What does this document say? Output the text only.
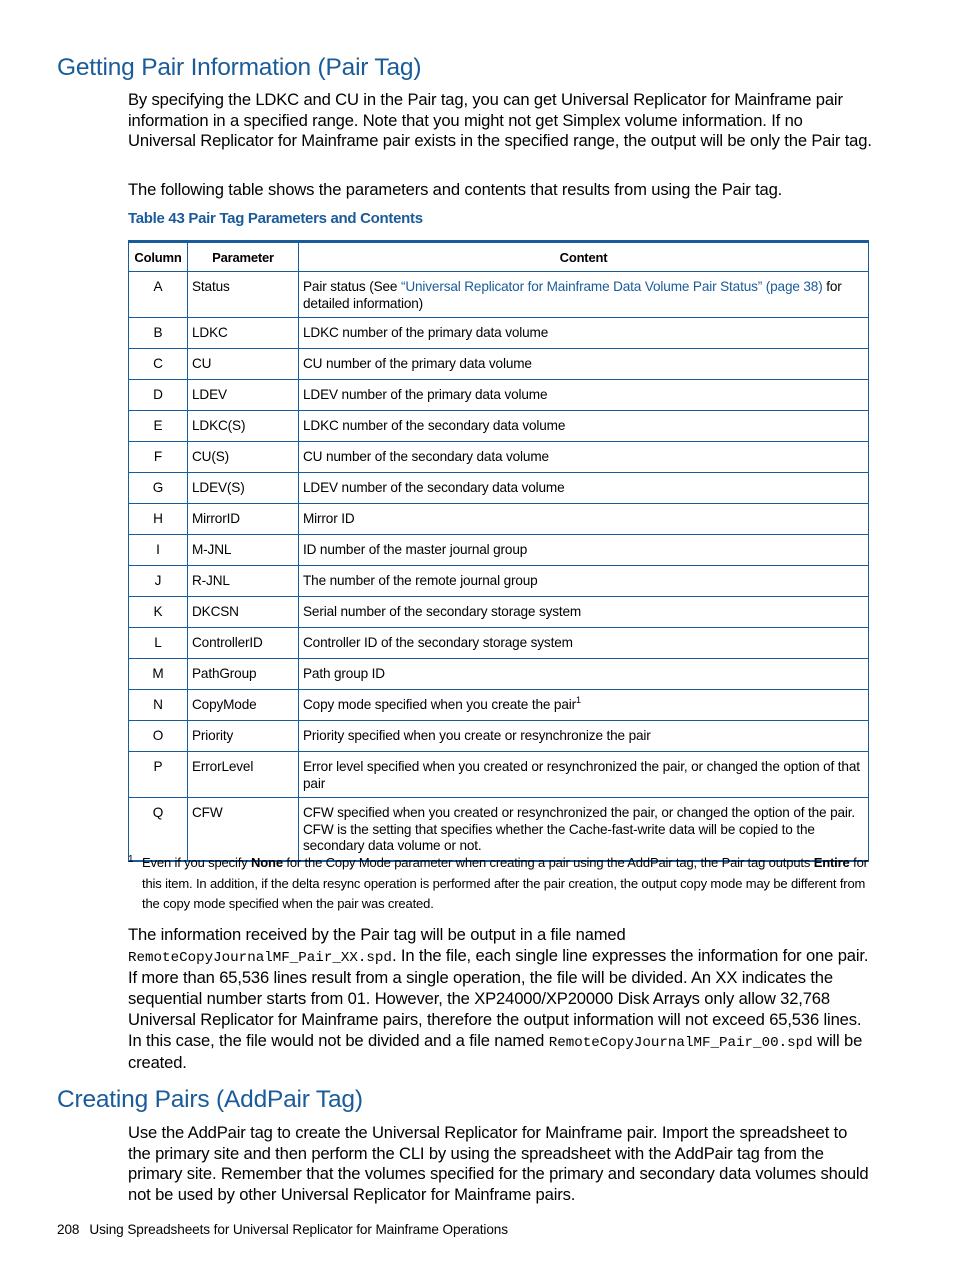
Getting Pair Information (Pair Tag)

By specifying the LDKC and CU in the Pair tag, you can get Universal Replicator for Mainframe pair information in a specified range. Note that you might not get Simplex volume information. If no Universal Replicator for Mainframe pair exists in the specified range, the output will be only the Pair tag.

The following table shows the parameters and contents that results from using the Pair tag.

Table 43 Pair Tag Parameters and Contents
Column	Parameter	Content
A	Status	Pair status (See “Universal Replicator for Mainframe Data Volume Pair Status” (page 38) for detailed information)
B	LDKC	LDKC number of the primary data volume
C	CU	CU number of the primary data volume
D	LDEV	LDEV number of the primary data volume
E	LDKC(S)	LDKC number of the secondary data volume
F	CU(S)	CU number of the secondary data volume
G	LDEV(S)	LDEV number of the secondary data volume
H	MirrorID	Mirror ID
I	M-JNL	ID number of the master journal group
J	R-JNL	The number of the remote journal group
K	DKCSN	Serial number of the secondary storage system
L	ControllerID	Controller ID of the secondary storage system
M	PathGroup	Path group ID
N	CopyMode	Copy mode specified when you create the pair$^1$
O	Priority	Priority specified when you create or resynchronize the pair
P	ErrorLevel	Error level specified when you created or resynchronized the pair, or changed the option of that pair
Q	CFW	CFW specified when you created or resynchronized the pair, or changed the option of the pair. CFW is the setting that specifies whether the Cache-fast-write data will be copied to the secondary data volume or not.
1 Even if you specify None for the Copy Mode parameter when creating a pair using the AddPair tag, the Pair tag outputs Entire for this item. In addition, if the delta resync operation is performed after the pair creation, the output copy mode may be different from the copy mode specified when the pair was created.

The information received by the Pair tag will be output in a file named RemoteCopyJournalMF_Pair_XX.spd. In the file, each single line expresses the information for one pair. If more than 65,536 lines result from a single operation, the file will be divided. An XX indicates the sequential number starts from 01. However, the XP24000/XP20000 Disk Arrays only allow 32,768 Universal Replicator for Mainframe pairs, therefore the output information will not exceed 65,536 lines. In this case, the file would not be divided and a file named RemoteCopyJournalMF_Pair_00.spd will be created.

Creating Pairs (AddPair Tag)

Use the AddPair tag to create the Universal Replicator for Mainframe pair. Import the spreadsheet to the primary site and then perform the CLI by using the spreadsheet with the AddPair tag from the primary site. Remember that the volumes specified for the primary and secondary data volumes should not be used by other Universal Replicator for Mainframe pairs.

208 Using Spreadsheets for Universal Replicator for Mainframe Operations
